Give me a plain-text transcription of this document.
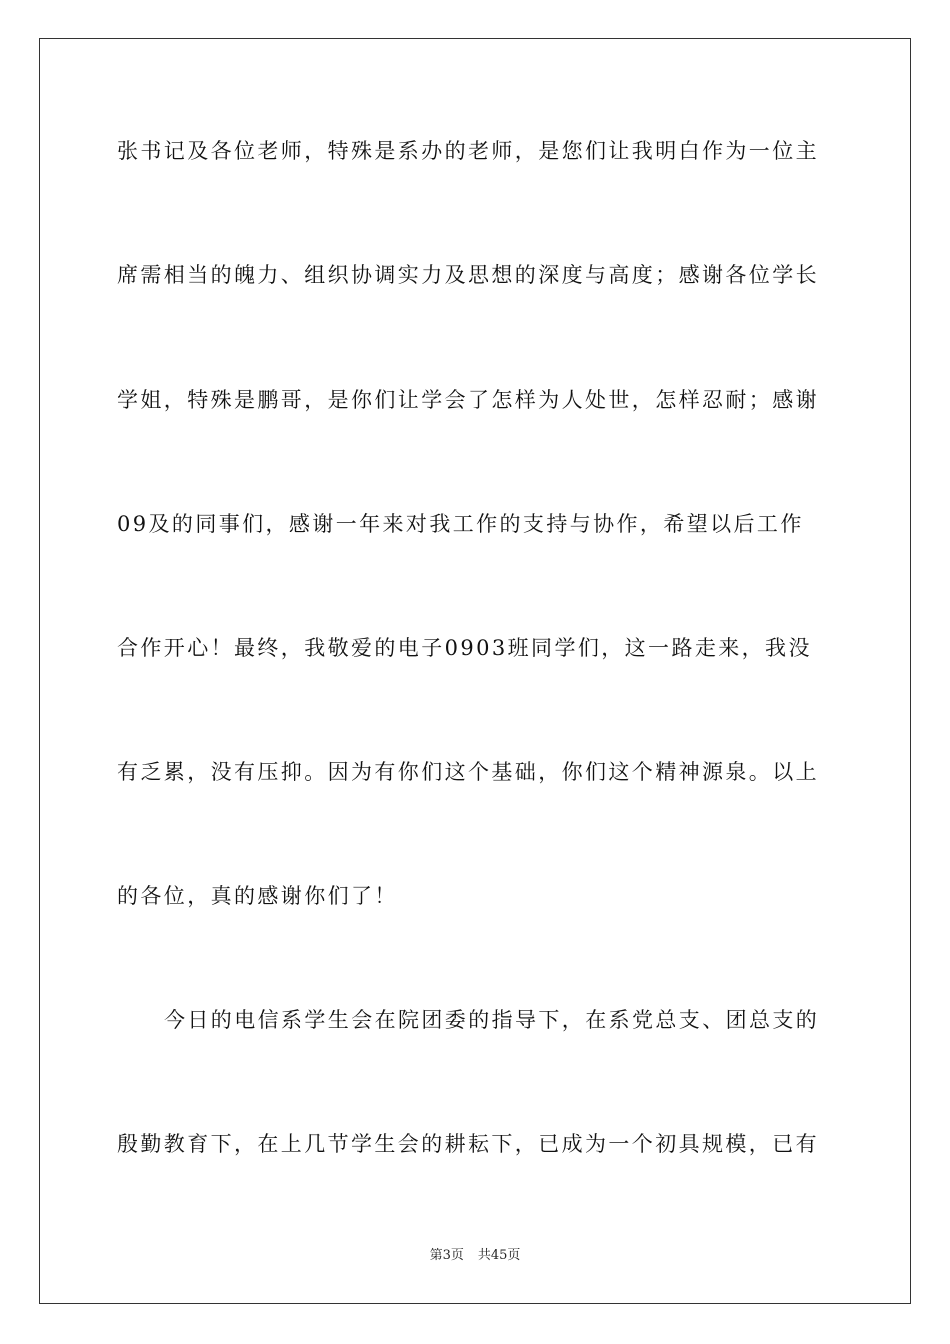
张书记及各位老师，特殊是系办的老师，是您们让我明白作为一位主
席需相当的魄力、组织协调实力及思想的深度与高度；感谢各位学长
学姐，特殊是鹏哥，是你们让学会了怎样为人处世，怎样忍耐；感谢
09及的同事们，感谢一年来对我工作的支持与协作，希望以后工作
合作开心！最终，我敬爱的电子0903班同学们，这一路走来，我没
有乏累，没有压抑。因为有你们这个基础，你们这个精神源泉。以上
的各位，真的感谢你们了！
今日的电信系学生会在院团委的指导下，在系党总支、团总支的
殷勤教育下，在上几节学生会的耕耘下，已成为一个初具规模，已有
第3页 共45页
